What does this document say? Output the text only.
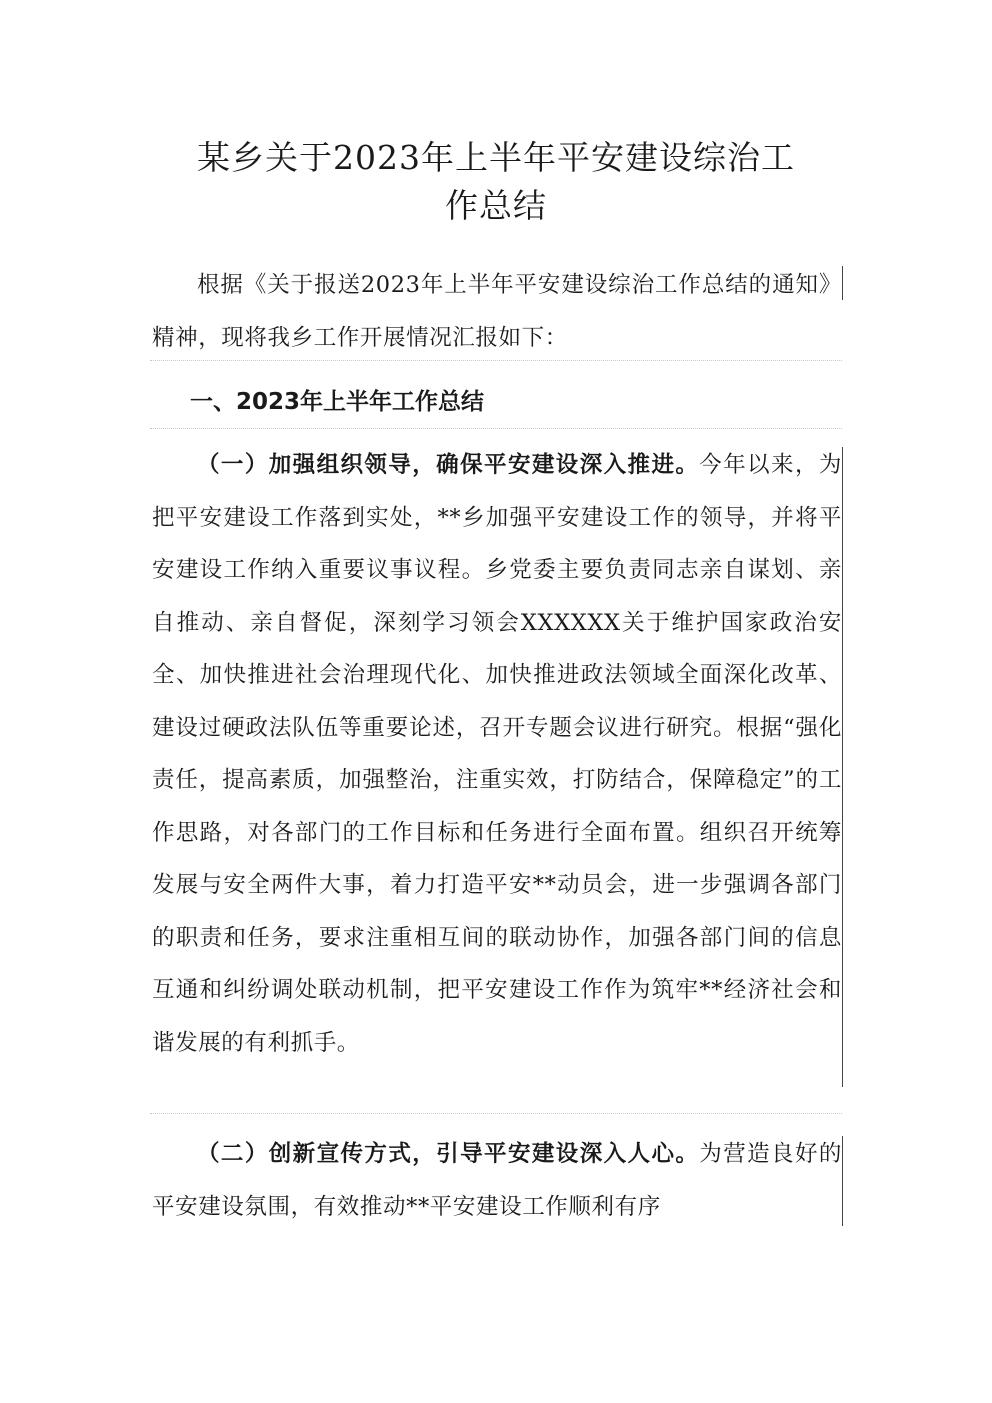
某乡关于2023年上半年平安建设综治工
作总结

根据《关于报送2023年上半年平安建设综治工作总结的通知》精神，现将我乡工作开展情况汇报如下：

一、2023年上半年工作总结

（一）加强组织领导，确保平安建设深入推进。今年以来，为把平安建设工作落到实处，**乡加强平安建设工作的领导，并将平安建设工作纳入重要议事议程。乡党委主要负责同志亲自谋划、亲自推动、亲自督促，深刻学习领会XXXXXX关于维护国家政治安全、加快推进社会治理现代化、加快推进政法领域全面深化改革、建设过硬政法队伍等重要论述，召开专题会议进行研究。根据“强化责任，提高素质，加强整治，注重实效，打防结合，保障稳定”的工作思路，对各部门的工作目标和任务进行全面布置。组织召开统筹发展与安全两件大事，着力打造平安**动员会，进一步强调各部门的职责和任务，要求注重相互间的联动协作，加强各部门间的信息互通和纠纷调处联动机制，把平安建设工作作为筑牢**经济社会和谐发展的有利抓手。

（二）创新宣传方式，引导平安建设深入人心。为营造良好的平安建设氛围，有效推动**平安建设工作顺利有序
